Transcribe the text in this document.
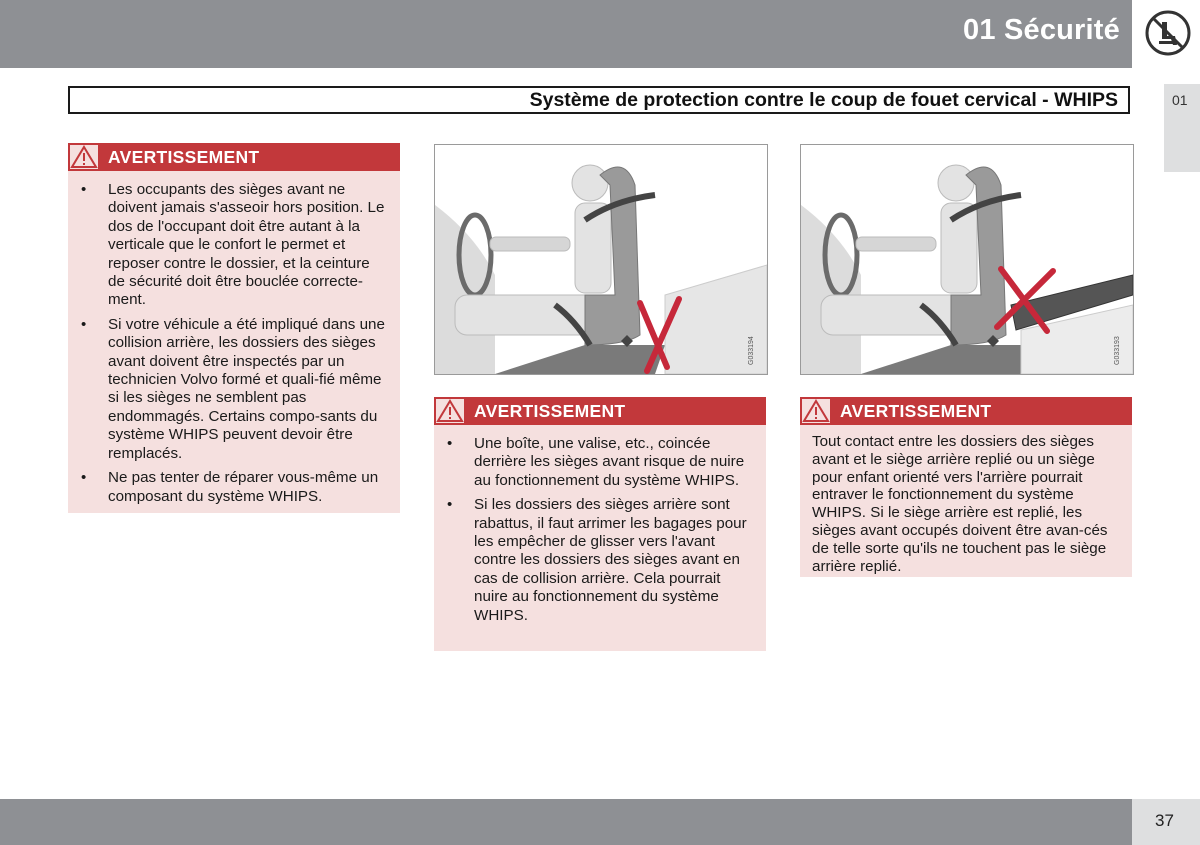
01 Sécurité
01
Système de protection contre le coup de fouet cervical - WHIPS
AVERTISSEMENT
• Les occupants des sièges avant ne doivent jamais s'asseoir hors position. Le dos de l'occupant doit être autant à la verticale que le confort le permet et reposer contre le dossier, et la ceinture de sécurité doit être bouclée correcte-ment.
• Si votre véhicule a été impliqué dans une collision arrière, les dossiers des sièges avant doivent être inspectés par un technicien Volvo formé et quali-fié même si les sièges ne semblent pas endommagés. Certains compo-sants du système WHIPS peuvent devoir être remplacés.
• Ne pas tenter de réparer vous-même un composant du système WHIPS.
G033194	G033193
AVERTISSEMENT
• Une boîte, une valise, etc., coincée derrière les sièges avant risque de nuire au fonctionnement du système WHIPS.
• Si les dossiers des sièges arrière sont rabattus, il faut arrimer les bagages pour les empêcher de glisser vers l'avant contre les dossiers des sièges avant en cas de collision arrière. Cela pourrait nuire au fonctionnement du système WHIPS.
AVERTISSEMENT

Tout contact entre les dossiers des sièges avant et le siège arrière replié ou un siège pour enfant orienté vers l'arrière pourrait entraver le fonctionnement du système WHIPS. Si le siège arrière est replié, les sièges avant occupés doivent être avan-cés de telle sorte qu'ils ne touchent pas le siège arrière replié.

37
